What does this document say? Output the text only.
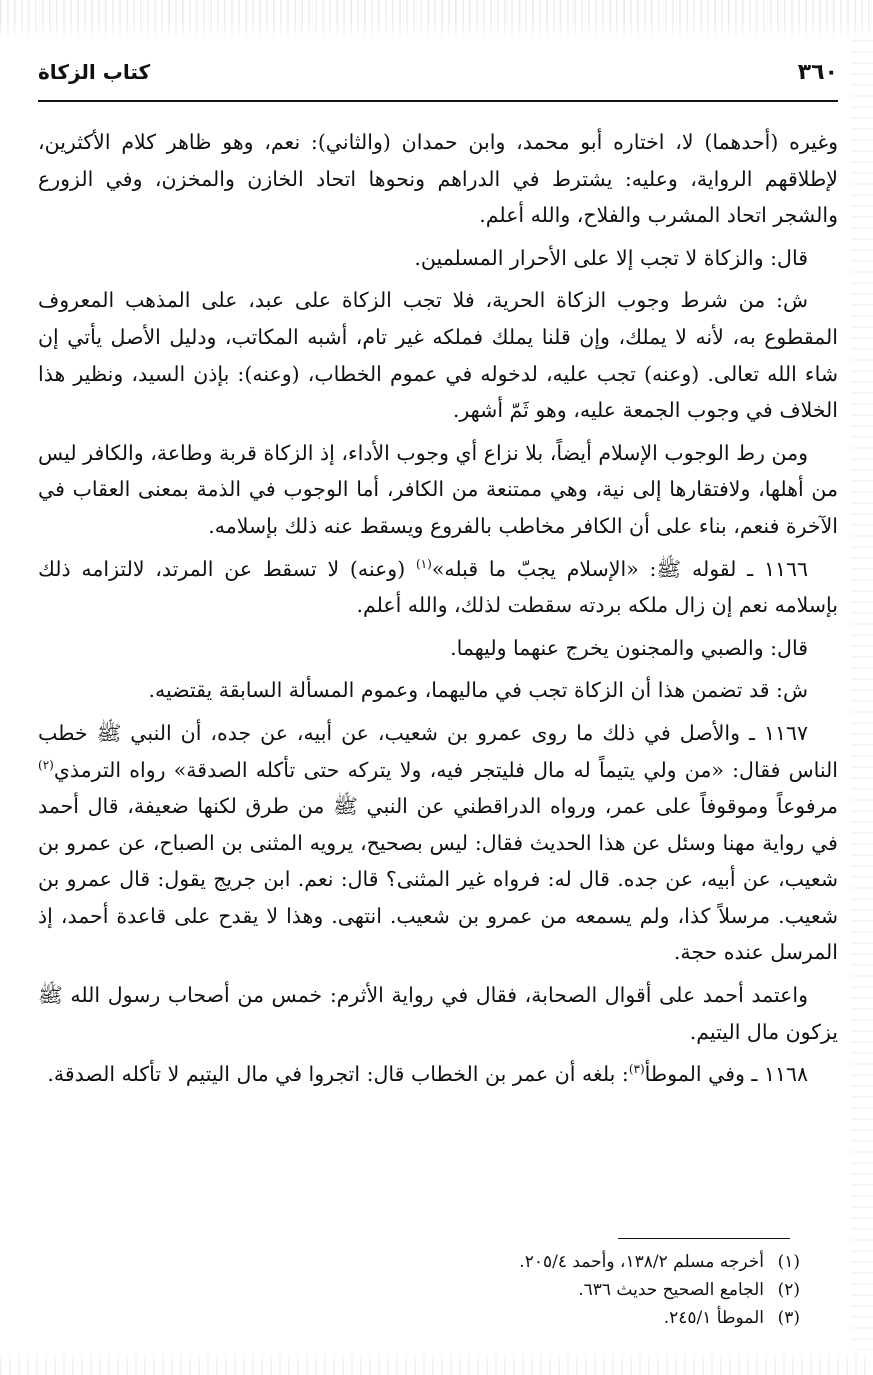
٣٦٠
كتاب الزكاة

وغيره (أحدهما) لا، اختاره أبو محمد، وابن حمدان (والثاني): نعم، وهو ظاهر كلام الأكثرين، لإطلاقهم الرواية، وعليه: يشترط في الدراهم ونحوها اتحاد الخازن والمخزن، وفي الزورع والشجر اتحاد المشرب والفلاح، والله أعلم.

قال: والزكاة لا تجب إلا على الأحرار المسلمين.

ش: من شرط وجوب الزكاة الحرية، فلا تجب الزكاة على عبد، على المذهب المعروف المقطوع به، لأنه لا يملك، وإن قلنا يملك فملكه غير تام، أشبه المكاتب، ودليل الأصل يأتي إن شاء الله تعالى. (وعنه) تجب عليه، لدخوله في عموم الخطاب، (وعنه): بإذن السيد، ونظير هذا الخلاف في وجوب الجمعة عليه، وهو ثَمّ أشهر.

ومن رط الوجوب الإسلام أيضاً، بلا نزاع أي وجوب الأداء، إذ الزكاة قربة وطاعة، والكافر ليس من أهلها، ولافتقارها إلى نية، وهي ممتنعة من الكافر، أما الوجوب في الذمة بمعنى العقاب في الآخرة فنعم، بناء على أن الكافر مخاطب بالفروع ويسقط عنه ذلك بإسلامه.

١١٦٦ ـ لقوله ﷺ: «الإسلام يجبّ ما قبله»$^{(١)}$ (وعنه) لا تسقط عن المرتد، لالتزامه ذلك بإسلامه نعم إن زال ملكه بردته سقطت لذلك، والله أعلم.

قال: والصبي والمجنون يخرج عنهما وليهما.

ش: قد تضمن هذا أن الزكاة تجب في ماليهما، وعموم المسألة السابقة يقتضيه.

١١٦٧ ـ والأصل في ذلك ما روى عمرو بن شعيب، عن أبيه، عن جده، أن النبي ﷺ خطب الناس فقال: «من ولي يتيماً له مال فليتجر فيه، ولا يتركه حتى تأكله الصدقة» رواه الترمذي$^{(٢)}$ مرفوعاً وموقوفاً على عمر، ورواه الدراقطني عن النبي ﷺ من طرق لكنها ضعيفة، قال أحمد في رواية مهنا وسئل عن هذا الحديث فقال: ليس بصحيح، يرويه المثنى بن الصباح، عن عمرو بن شعيب، عن أبيه، عن جده. قال له: فرواه غير المثنى؟ قال: نعم. ابن جريج يقول: قال عمرو بن شعيب. مرسلاً كذا، ولم يسمعه من عمرو بن شعيب. انتهى. وهذا لا يقدح على قاعدة أحمد، إذ المرسل عنده حجة.

واعتمد أحمد على أقوال الصحابة، فقال في رواية الأثرم: خمس من أصحاب رسول الله ﷺ يزكون مال اليتيم.

١١٦٨ ـ وفي الموطأ$^{(٣)}$: بلغه أن عمر بن الخطاب قال: اتجروا في مال اليتيم لا تأكله الصدقة.

(١)أخرجه مسلم ١٣٨/٢، وأحمد ٢٠٥/٤.
(٢)الجامع الصحيح حديث ٦٣٦.
(٣)الموطأ ٢٤٥/١.
